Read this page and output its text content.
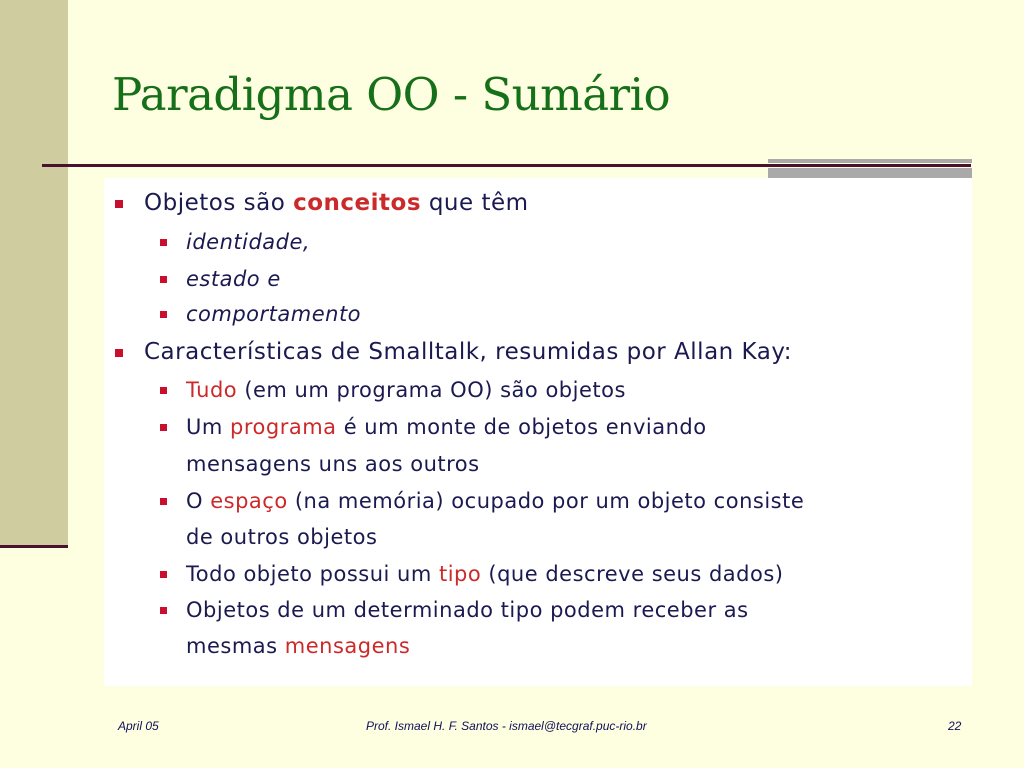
Paradigma OO - Sumário
Objetos são conceitos que têm
identidade,
estado e
comportamento
Características de Smalltalk, resumidas por Allan Kay:
Tudo (em um programa OO) são objetos
Um programa é um monte de objetos enviando
mensagens uns aos outros
O espaço (na memória) ocupado por um objeto consiste
de outros objetos
Todo objeto possui um tipo (que descreve seus dados)
Objetos de um determinado tipo podem receber as
mesmas mensagens
April 05	Prof. Ismael H. F. Santos - ismael@tecgraf.puc-rio.br	22
